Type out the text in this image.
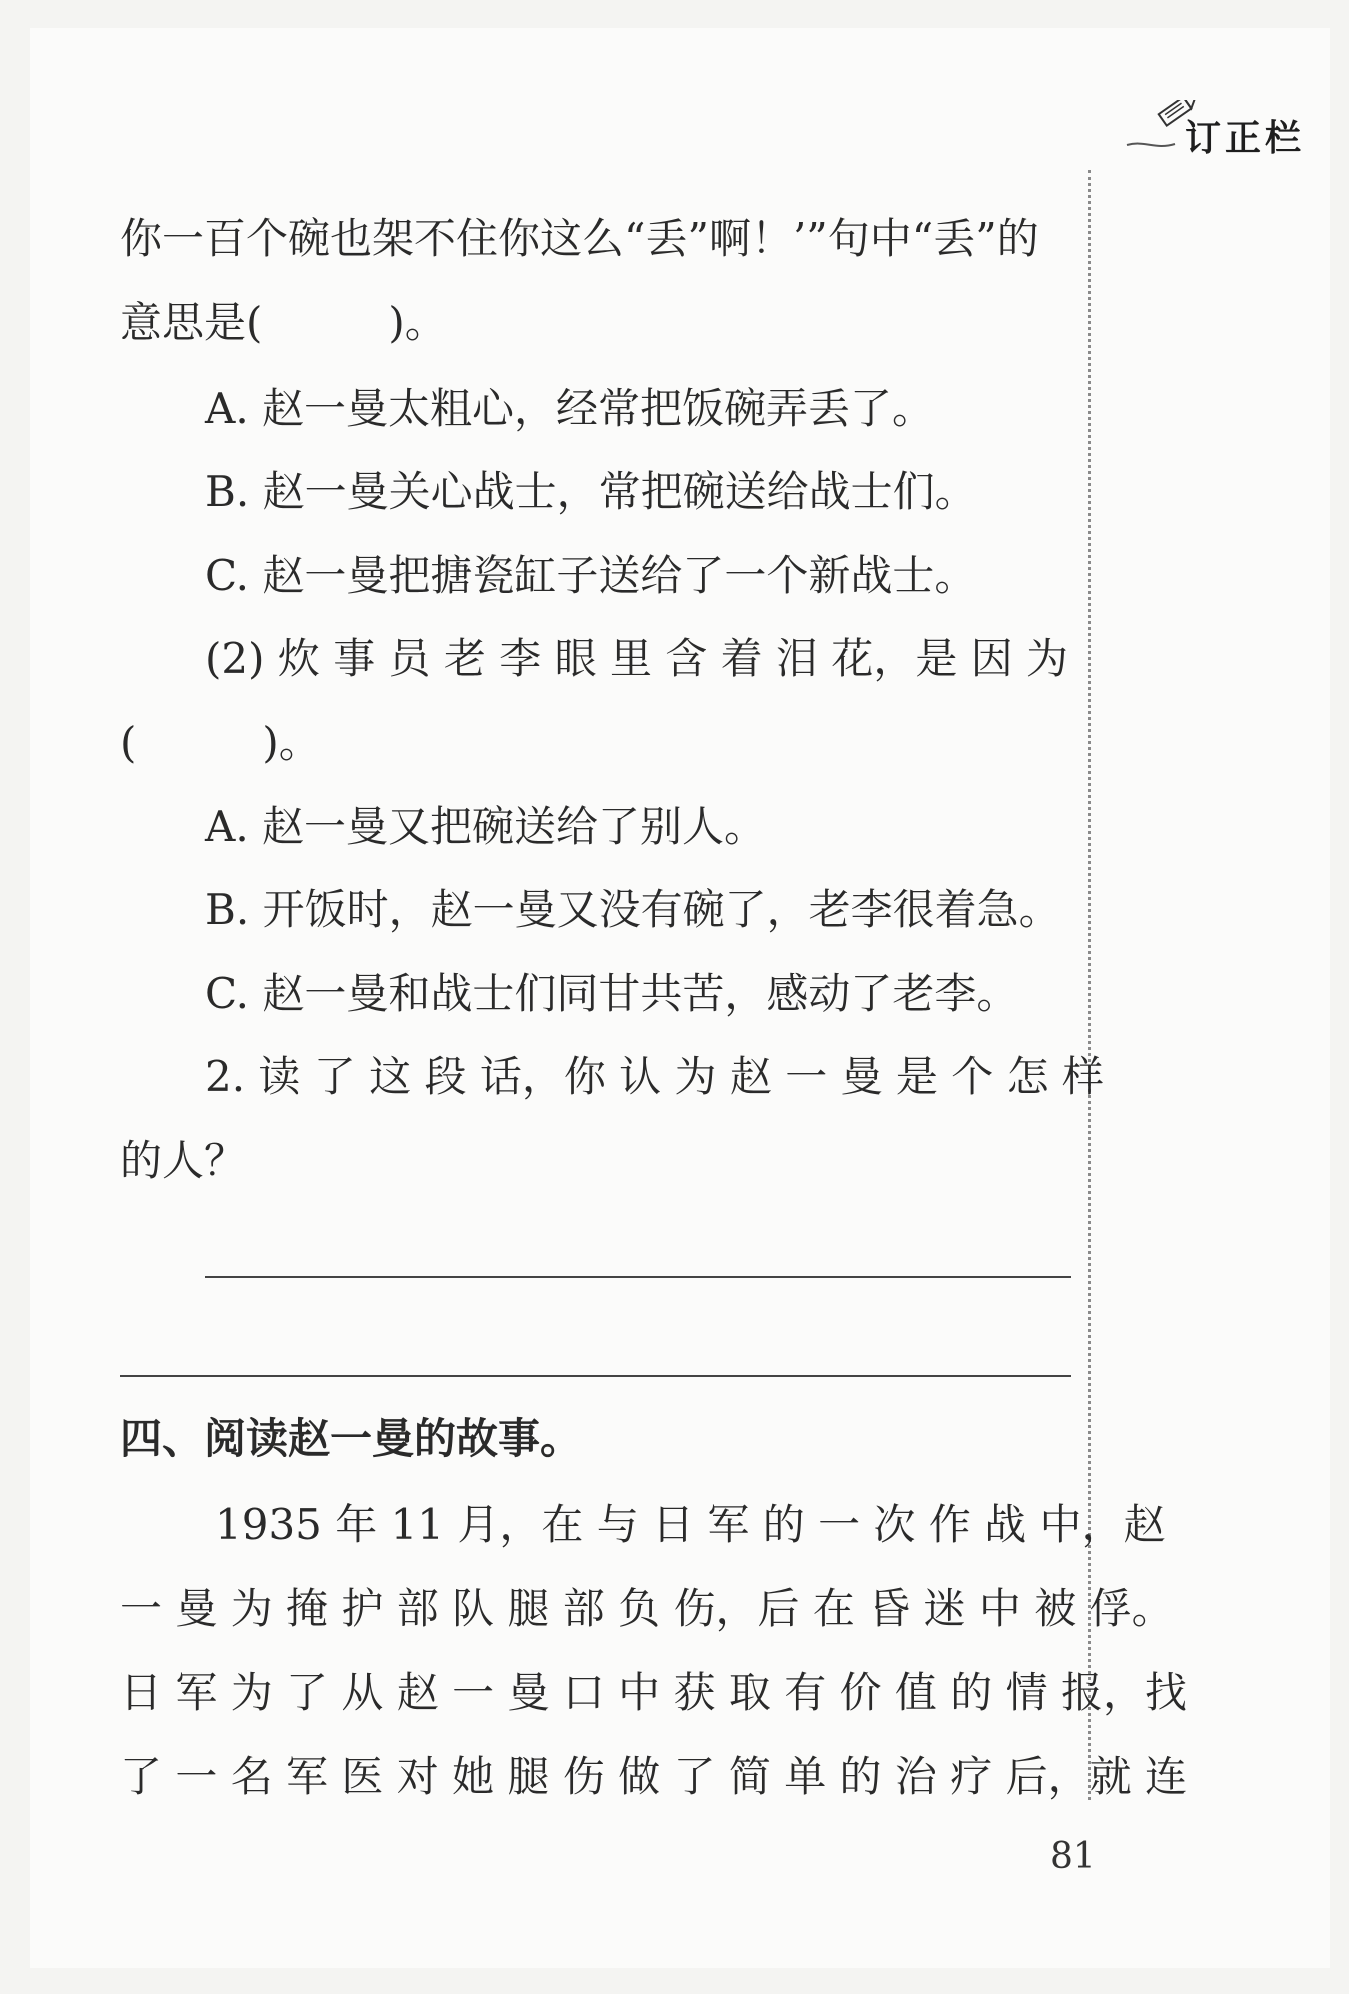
订正栏
你一百个碗也架不住你这么“丢”啊！’”句中“丢”的
意思是(　　　)。
A. 赵一曼太粗心，经常把饭碗弄丢了。
B. 赵一曼关心战士，常把碗送给战士们。
C. 赵一曼把搪瓷缸子送给了一个新战士。
(2) 炊 事 员 老 李 眼 里 含 着 泪 花，是 因 为
(　　　)。
A. 赵一曼又把碗送给了别人。
B. 开饭时，赵一曼又没有碗了，老李很着急。
C. 赵一曼和战士们同甘共苦，感动了老李。
2. 读 了 这 段 话，你 认 为 赵 一 曼 是 个 怎 样
的人？
四、阅读赵一曼的故事。
1935 年 11 月，在 与 日 军 的 一 次 作 战 中，赵
一 曼 为 掩 护 部 队 腿 部 负 伤，后 在 昏 迷 中 被 俘。
日 军 为 了 从 赵 一 曼 口 中 获 取 有 价 值 的 情 报，找
了 一 名 军 医 对 她 腿 伤 做 了 简 单 的 治 疗 后，就 连
81
